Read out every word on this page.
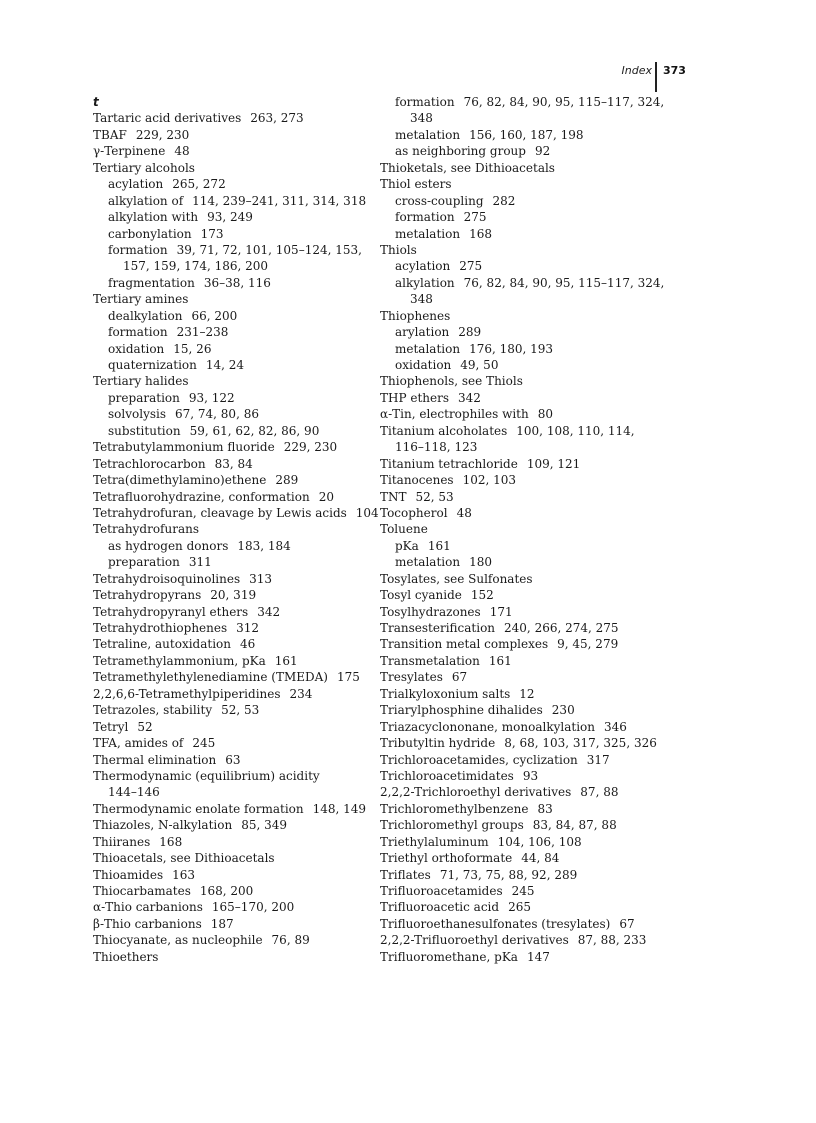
Index 373
t
Tartaric acid derivatives 263, 273
TBAF 229, 230
γ-Terpinene 48
Tertiary alcohols
acylation 265, 272
alkylation of 114, 239–241, 311, 314, 318
alkylation with 93, 249
carbonylation 173
formation 39, 71, 72, 101, 105–124, 153,
157, 159, 174, 186, 200
fragmentation 36–38, 116
Tertiary amines
dealkylation 66, 200
formation 231–238
oxidation 15, 26
quaternization 14, 24
Tertiary halides
preparation 93, 122
solvolysis 67, 74, 80, 86
substitution 59, 61, 62, 82, 86, 90
Tetrabutylammonium fluoride 229, 230
Tetrachlorocarbon 83, 84
Tetra(dimethylamino)ethene 289
Tetrafluorohydrazine, conformation 20
Tetrahydrofuran, cleavage by Lewis acids 104
Tetrahydrofurans
as hydrogen donors 183, 184
preparation 311
Tetrahydroisoquinolines 313
Tetrahydropyrans 20, 319
Tetrahydropyranyl ethers 342
Tetrahydrothiophenes 312
Tetraline, autoxidation 46
Tetramethylammonium, pKa 161
Tetramethylethylenediamine (TMEDA) 175
2,2,6,6-Tetramethylpiperidines 234
Tetrazoles, stability 52, 53
Tetryl 52
TFA, amides of 245
Thermal elimination 63
Thermodynamic (equilibrium) acidity
144–146
Thermodynamic enolate formation 148, 149
Thiazoles, N-alkylation 85, 349
Thiiranes 168
Thioacetals, see Dithioacetals
Thioamides 163
Thiocarbamates 168, 200
α-Thio carbanions 165–170, 200
β-Thio carbanions 187
Thiocyanate, as nucleophile 76, 89
Thioethers
formation 76, 82, 84, 90, 95, 115–117, 324,
348
metalation 156, 160, 187, 198
as neighboring group 92
Thioketals, see Dithioacetals
Thiol esters
cross-coupling 282
formation 275
metalation 168
Thiols
acylation 275
alkylation 76, 82, 84, 90, 95, 115–117, 324,
348
Thiophenes
arylation 289
metalation 176, 180, 193
oxidation 49, 50
Thiophenols, see Thiols
THP ethers 342
α-Tin, electrophiles with 80
Titanium alcoholates 100, 108, 110, 114,
116–118, 123
Titanium tetrachloride 109, 121
Titanocenes 102, 103
TNT 52, 53
Tocopherol 48
Toluene
pKa 161
metalation 180
Tosylates, see Sulfonates
Tosyl cyanide 152
Tosylhydrazones 171
Transesterification 240, 266, 274, 275
Transition metal complexes 9, 45, 279
Transmetalation 161
Tresylates 67
Trialkyloxonium salts 12
Triarylphosphine dihalides 230
Triazacyclononane, monoalkylation 346
Tributyltin hydride 8, 68, 103, 317, 325, 326
Trichloroacetamides, cyclization 317
Trichloroacetimidates 93
2,2,2-Trichloroethyl derivatives 87, 88
Trichloromethylbenzene 83
Trichloromethyl groups 83, 84, 87, 88
Triethylaluminum 104, 106, 108
Triethyl orthoformate 44, 84
Triflates 71, 73, 75, 88, 92, 289
Trifluoroacetamides 245
Trifluoroacetic acid 265
Trifluoroethanesulfonates (tresylates) 67
2,2,2-Trifluoroethyl derivatives 87, 88, 233
Trifluoromethane, pKa 147
